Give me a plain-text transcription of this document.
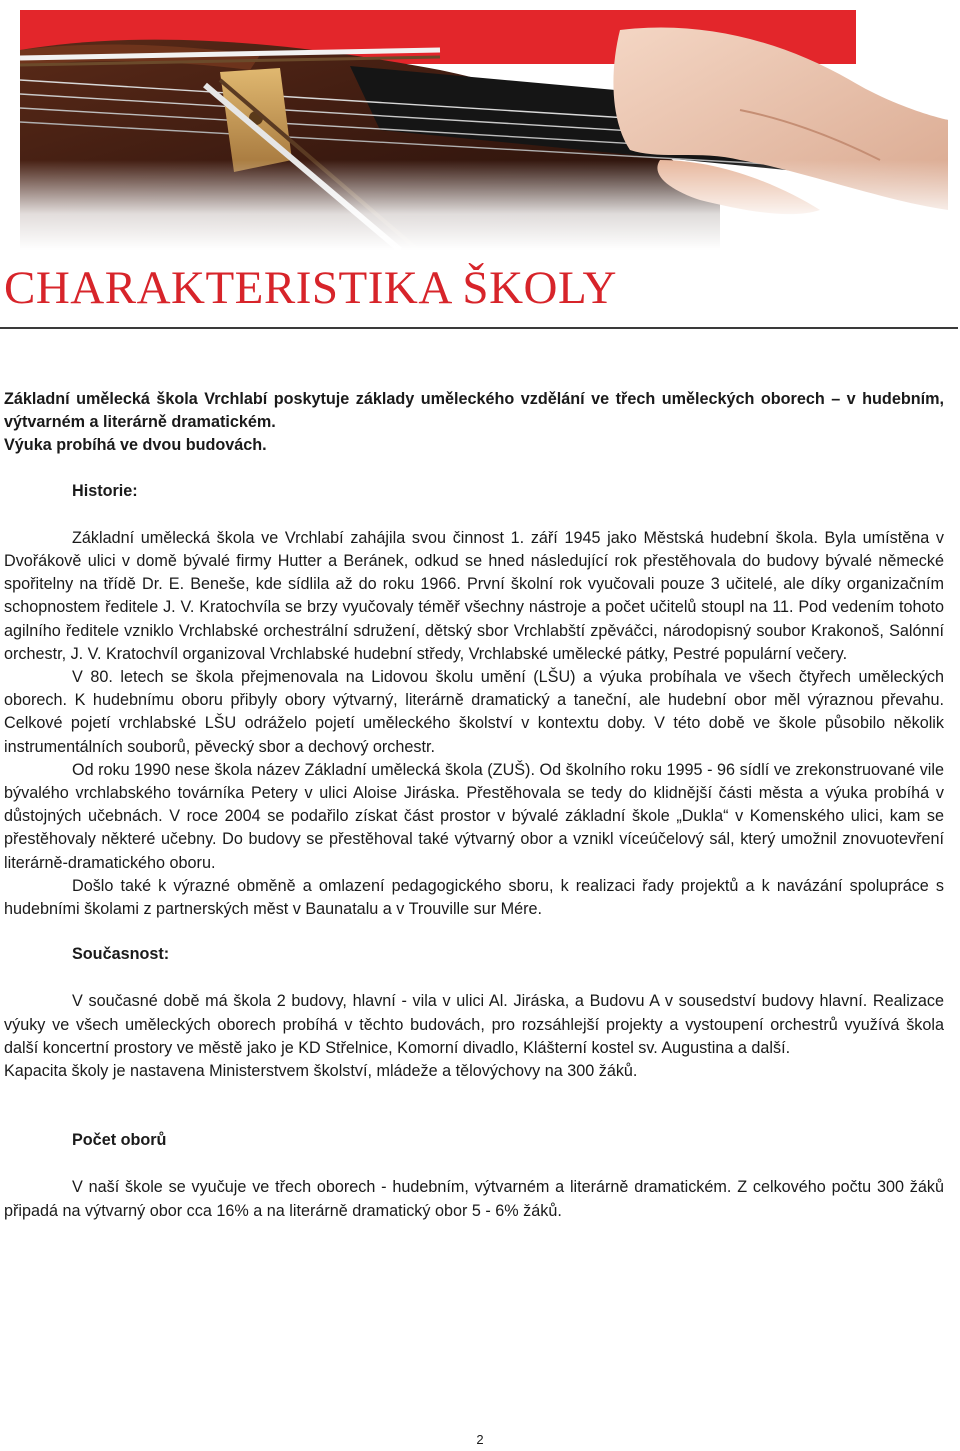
CHARAKTERISTIKA ŠKOLY

Základní umělecká škola Vrchlabí poskytuje základy uměleckého vzdělání ve třech uměleckých oborech – v hudebním, výtvarném a literárně dramatickém.

Výuka probíhá ve dvou budovách.

Historie:

Základní umělecká škola ve Vrchlabí zahájila svou činnost 1. září 1945 jako Městská hudební škola. Byla umístěna v Dvořákově ulici v domě bývalé firmy Hutter a Beránek, odkud se hned následující rok přestěhovala do budovy bývalé německé spořitelny na třídě Dr. E. Beneše, kde sídlila až do roku 1966. První školní rok vyučovali pouze 3 učitelé, ale díky organizačním schopnostem ředitele J. V. Kratochvíla se brzy vyučovaly téměř všechny nástroje a počet učitelů stoupl na 11. Pod vedením tohoto agilního ředitele vzniklo Vrchlabské orchestrální sdružení, dětský sbor Vrchlabští zpěváčci, národopisný soubor Krakonoš, Salónní orchestr, J. V. Kratochvíl organizoval Vrchlabské hudební středy, Vrchlabské umělecké pátky, Pestré populární večery.

V 80. letech se škola přejmenovala na Lidovou školu umění (LŠU) a výuka probíhala ve všech čtyřech uměleckých oborech. K hudebnímu oboru přibyly obory výtvarný, literárně dramatický a taneční, ale hudební obor měl výraznou převahu. Celkové pojetí vrchlabské LŠU odráželo pojetí uměleckého školství v kontextu doby. V této době ve škole působilo několik instrumentálních souborů, pěvecký sbor a dechový orchestr.

Od roku 1990 nese škola název Základní umělecká škola (ZUŠ). Od školního roku 1995 - 96 sídlí ve zrekonstruované vile bývalého vrchlabského továrníka Petery v ulici Aloise Jiráska. Přestěhovala se tedy do klidnější části města a výuka probíhá v důstojných učebnách. V roce 2004 se podařilo získat část prostor v bývalé základní škole „Dukla“ v Komenského ulici, kam se přestěhovaly některé učebny. Do budovy se přestěhoval také výtvarný obor a vznikl víceúčelový sál, který umožnil znovuotevření literárně-dramatického oboru.

Došlo také k výrazné obměně a omlazení pedagogického sboru, k realizaci řady projektů a k navázání spolupráce s hudebními školami z partnerských měst v Baunatalu a v Trouville sur Mére.

Současnost:

V současné době má škola 2 budovy, hlavní - vila v ulici Al. Jiráska, a Budovu A v sousedství budovy hlavní. Realizace výuky ve všech uměleckých oborech probíhá v těchto budovách, pro rozsáhlejší projekty a vystoupení orchestrů využívá škola další koncertní prostory ve městě jako je KD Střelnice, Komorní divadlo, Klášterní kostel sv. Augustina a další.

Kapacita školy je nastavena Ministerstvem školství, mládeže a tělovýchovy na 300 žáků.

Počet oborů

V naší škole se vyučuje ve třech oborech - hudebním, výtvarném a literárně dramatickém. Z celkového počtu 300 žáků připadá na výtvarný obor cca 16% a na literárně dramatický obor 5 - 6% žáků.

2
